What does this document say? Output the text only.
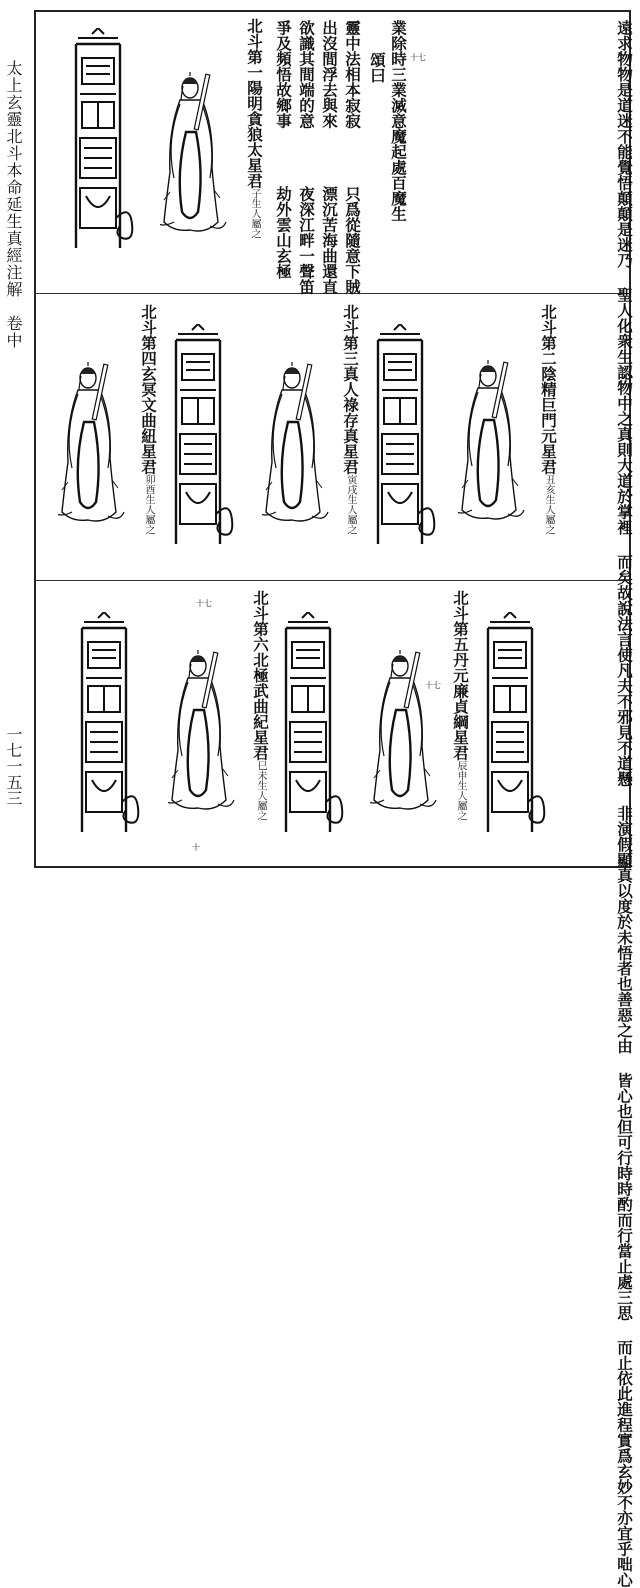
太上玄靈北斗本命延生真經注解　卷中
一七一五三
遠求物物是道迷不能覺悟顛顛是迷乃 聖人化衆生認物中之真則大道於掌裡 而矣故說法言使凡夫不邪見不道懸 非演假顯真以度於未悟者也善惡之由 皆心也但可行時時酌而行當止處三思 而止依此進程實爲玄妙不亦宜乎咄心
業除時三業滅意魔起處百魔生
頌曰
靈中法相本寂寂
出沒間浮去與來
欲識其間端的意
爭及頻悟故鄉事
只爲從隨意下賊
漂沉苦海曲還直
夜深江畔一聲笛
劫外雲山玄極
北斗第一陽明貪狼太星君子生人屬之
十七
北斗第二陰精巨門元星君丑亥生人屬之
北斗第三真人祿存真星君寅戌生人屬之
北斗第四玄冥文曲紐星君卯酉生人屬之
北斗第五丹元廉貞綱星君辰申生人屬之
十七
北斗第六北極武曲紀星君巳未生人屬之
十七
十
